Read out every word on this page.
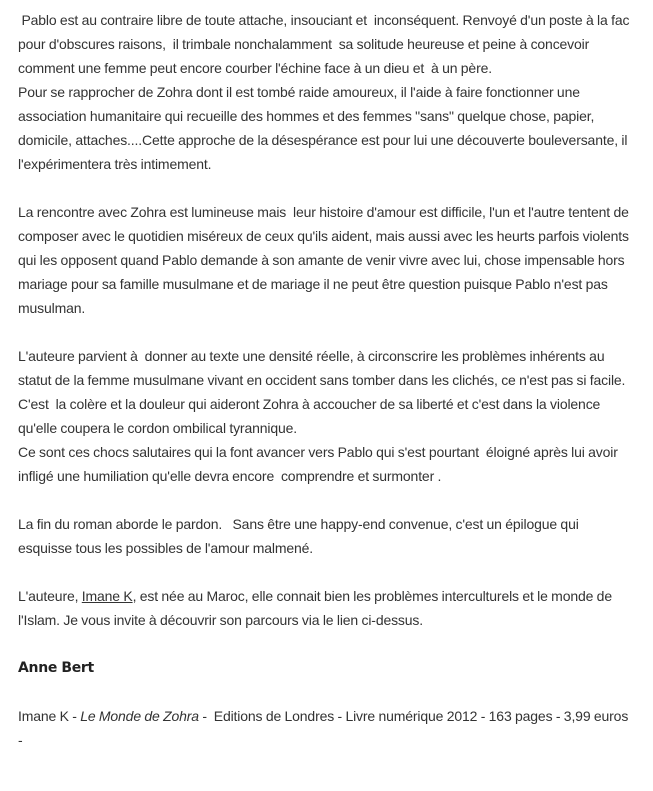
Pablo est au contraire libre de toute attache, insouciant et  inconséquent. Renvoyé d'un poste à la fac
pour d'obscures raisons,  il trimbale nonchalamment  sa solitude heureuse et peine à concevoir
comment une femme peut encore courber l'échine face à un dieu et  à un père.
Pour se rapprocher de Zohra dont il est tombé raide amoureux, il l'aide à faire fonctionner une
association humanitaire qui recueille des hommes et des femmes "sans" quelque chose, papier,
domicile, attaches....Cette approche de la désespérance est pour lui une découverte bouleversante, il
l'expérimentera très intimement.
La rencontre avec Zohra est lumineuse mais  leur histoire d'amour est difficile, l'un et l'autre tentent de
composer avec le quotidien miséreux de ceux qu'ils aident, mais aussi avec les heurts parfois violents
qui les opposent quand Pablo demande à son amante de venir vivre avec lui, chose impensable hors
mariage pour sa famille musulmane et de mariage il ne peut être question puisque Pablo n'est pas
musulman.
L'auteure parvient à  donner au texte une densité réelle, à circonscrire les problèmes inhérents au
statut de la femme musulmane vivant en occident sans tomber dans les clichés, ce n'est pas si facile.
C'est  la colère et la douleur qui aideront Zohra à accoucher de sa liberté et c'est dans la violence
qu'elle coupera le cordon ombilical tyrannique.
Ce sont ces chocs salutaires qui la font avancer vers Pablo qui s'est pourtant  éloigné après lui avoir
infligé une humiliation qu'elle devra encore  comprendre et surmonter .
La fin du roman aborde le pardon.   Sans être une happy-end convenue, c'est un épilogue qui
esquisse tous les possibles de l'amour malmené.
L'auteure, Imane K, est née au Maroc, elle connait bien les problèmes interculturels et le monde de
l'Islam. Je vous invite à découvrir son parcours via le lien ci-dessus.
Anne Bert
Imane K - Le Monde de Zohra -  Editions de Londres - Livre numérique 2012 - 163 pages - 3,99 euros
-
